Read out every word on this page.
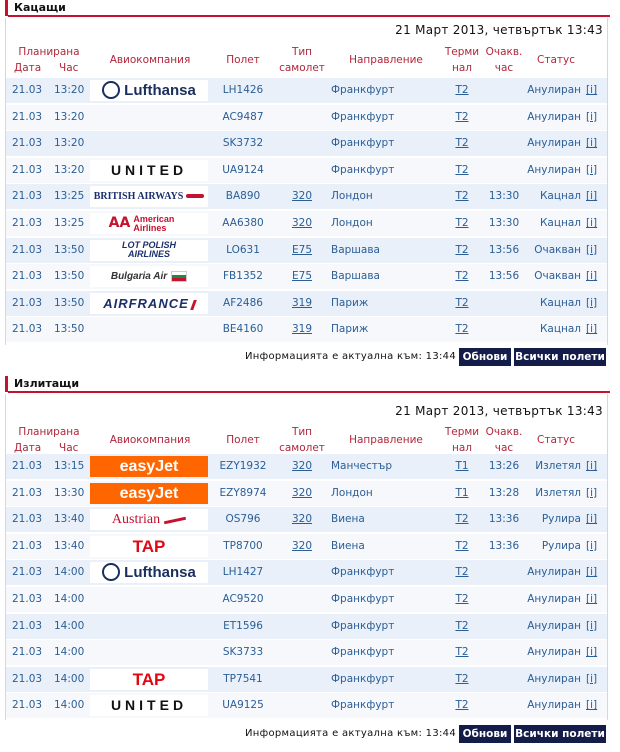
Кацащи
21 Март 2013, четвъртък 13:43
Планирана
Дата Час
Авиокомпания	Полет
Тип
самолет
Направление
Терми
нал
Очакв.
час
Статус
21.03 13:20	Lufthansa	LH1426	Франкфурт	T2	Анулиран [i]
21.03 13:20	AC9487	Франкфурт	T2	Анулиран [i]
21.03 13:20	SK3732	Франкфурт	T2	Анулиран [i]
21.03 13:20	UNITED	UA9124	Франкфурт	T2	Анулиран [i]
21.03 13:25 BRITISH AIRWAYS	BA890	320	Лондон	T2	13:30	Кацнал [i]
21.03 13:25	AA American Airlines	AA6380	320	Лондон	T2	13:30	Кацнал [i]
21.03 13:50	LOT POLISH AIRLINES	LO631	E75	Варшава	T2	13:56	Очакван [i]
21.03 13:50	Bulgaria Air	FB1352	E75	Варшава	T2	13:56	Очакван [i]
21.03 13:50	AIRFRANCE	AF2486	319	Париж	T2	Кацнал [i]
21.03 13:50	BE4160	319	Париж	T2	Кацнал [i]
Информацията е актуална към: 13:44 Обнови Всички полети
Излитащи
21 Март 2013, четвъртък 13:43
Планирана
Дата Час
Авиокомпания	Полет
Тип
самолет
Направление
Терми
нал
Очакв.
час
Статус
21.03 13:15	easyJet	EZY1932	320	Манчестър	T1	13:26	Излетял [i]
21.03 13:30	easyJet	EZY8974	320	Лондон	T1	13:28	Излетял [i]
21.03 13:40	Austrian	OS796	320	Виена	T2	13:36	Рулира [i]
21.03 13:40	TAP	TP8700	320	Виена	T2	13:36	Рулира [i]
21.03 14:00	Lufthansa	LH1427	Франкфурт	T2	Анулиран [i]
21.03 14:00	AC9520	Франкфурт	T2	Анулиран [i]
21.03 14:00	ET1596	Франкфурт	T2	Анулиран [i]
21.03 14:00	SK3733	Франкфурт	T2	Анулиран [i]
21.03 14:00	TAP	TP7541	Франкфурт	T2	Анулиран [i]
21.03 14:00	UNITED	UA9125	Франкфурт	T2	Анулиран [i]
Информацията е актуална към: 13:44 Обнови Всички полети
